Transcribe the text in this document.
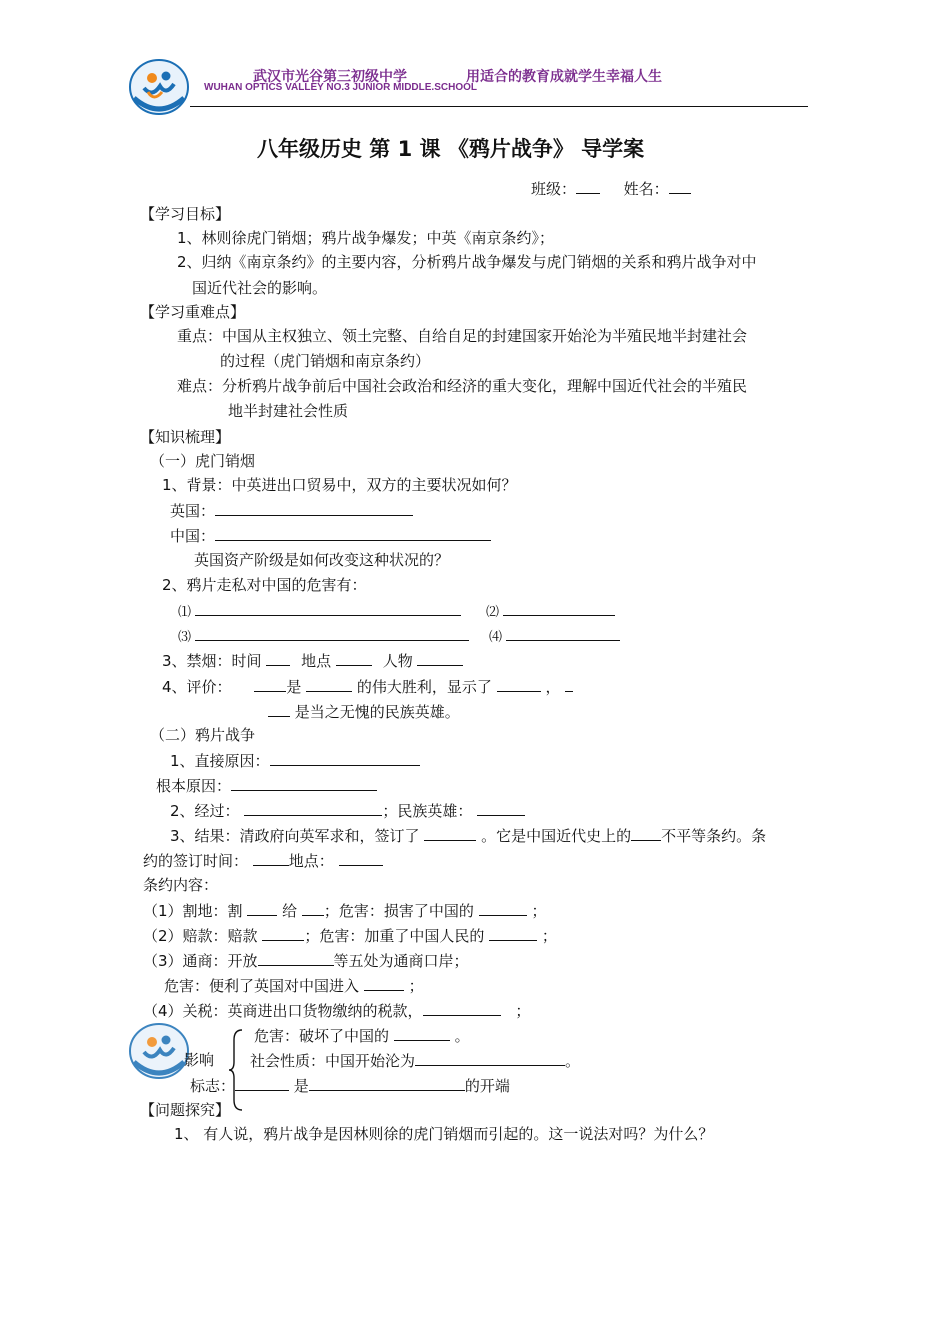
武汉市光谷第三初级中学	用适合的教育成就学生幸福人生
WUHAN OPTICS VALLEY NO.3 JUNIOR MIDDLE.SCHOOL
八年级历史 第 1 课 《鸦片战争》 导学案
班级：	姓名：
【学习目标】
1、林则徐虎门销烟；鸦片战争爆发；中英《南京条约》；
2、归纳《南京条约》的主要内容，分析鸦片战争爆发与虎门销烟的关系和鸦片战争对中
国近代社会的影响。
【学习重难点】
重点：中国从主权独立、领土完整、自给自足的封建国家开始沦为半殖民地半封建社会
的过程（虎门销烟和南京条约）
难点：分析鸦片战争前后中国社会政治和经济的重大变化，理解中国近代社会的半殖民
地半封建社会性质
【知识梳理】
（一）虎门销烟
1、背景：中英进出口贸易中，双方的主要状况如何？
英国：
中国：
英国资产阶级是如何改变这种状况的？
2、鸦片走私对中国的危害有：
⑴	⑵
⑶	⑷
3、禁烟：时间	地点	人物
4、评价：	是	的伟大胜利，显示了	，
是当之无愧的民族英雄。
（二）鸦片战争
1、直接原因：
根本原因：
2、经过：	；民族英雄：
3、结果：清政府向英军求和，签订了	。它是中国近代史上的 不平等条约。条
约的签订时间：	地点：
条约内容：
（1）割地：割	给 ；危害：损害了中国的	；
（2）赔款：赔款	；危害：加重了中国人民的	；
（3）通商：开放	等五处为通商口岸；
危害：便利了英国对中国进入	；
（4）关税：英商进出口货物缴纳的税款，	；
危害：破坏了中国的	。
影响 社会性质：中国开始沦为	。
标志：	是	的开端
【问题探究】
1、 有人说，鸦片战争是因林则徐的虎门销烟而引起的。这一说法对吗？为什么？
